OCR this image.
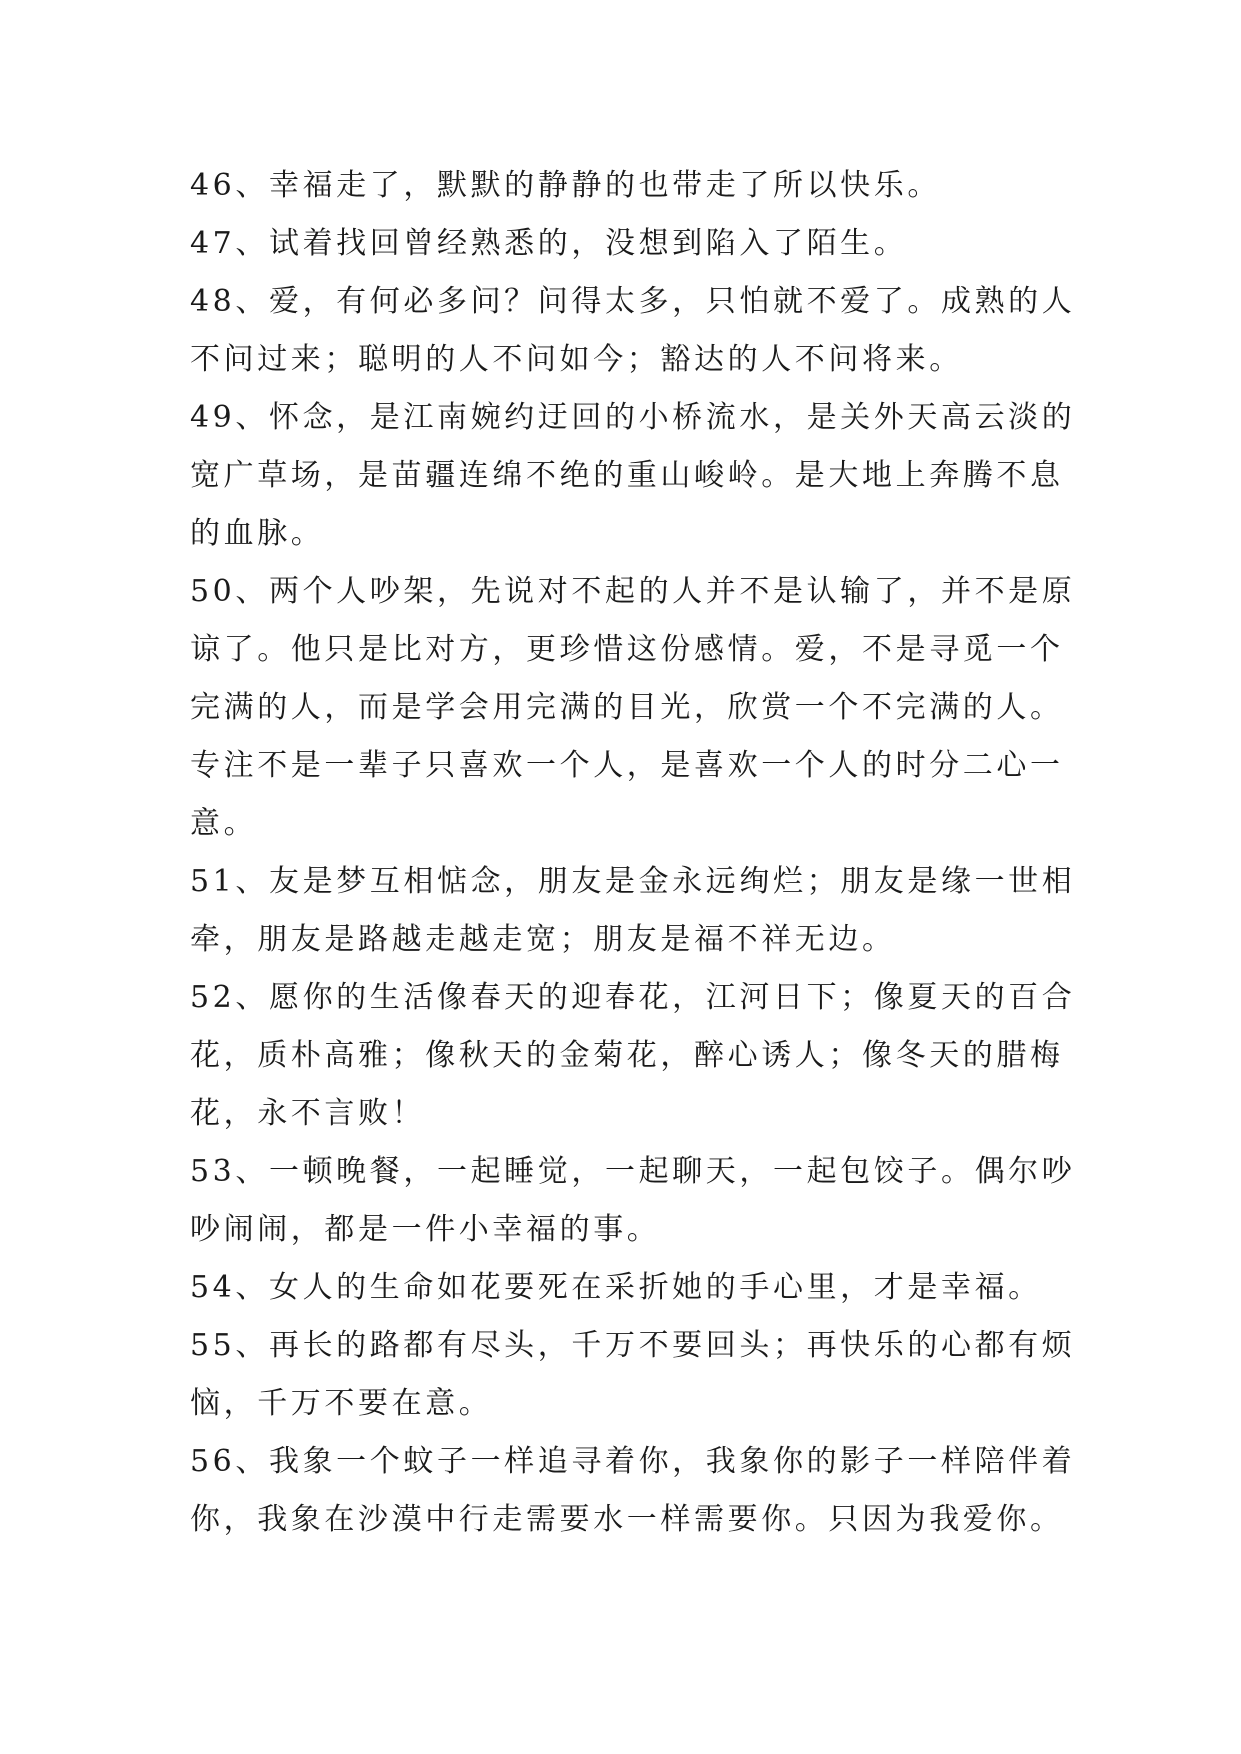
46、幸福走了，默默的静静的也带走了所以快乐。
47、试着找回曾经熟悉的，没想到陷入了陌生。
48、爱，有何必多问？问得太多，只怕就不爱了。成熟的人
不问过来；聪明的人不问如今；豁达的人不问将来。
49、怀念，是江南婉约迂回的小桥流水，是关外天高云淡的
宽广草场，是苗疆连绵不绝的重山峻岭。是大地上奔腾不息
的血脉。
50、两个人吵架，先说对不起的人并不是认输了，并不是原
谅了。他只是比对方，更珍惜这份感情。爱，不是寻觅一个
完满的人，而是学会用完满的目光，欣赏一个不完满的人。
专注不是一辈子只喜欢一个人，是喜欢一个人的时分二心一
意。
51、友是梦互相惦念，朋友是金永远绚烂；朋友是缘一世相
牵，朋友是路越走越走宽；朋友是福不祥无边。
52、愿你的生活像春天的迎春花，江河日下；像夏天的百合
花，质朴高雅；像秋天的金菊花，醉心诱人；像冬天的腊梅
花，永不言败！
53、一顿晚餐，一起睡觉，一起聊天，一起包饺子。偶尔吵
吵闹闹，都是一件小幸福的事。
54、女人的生命如花要死在采折她的手心里，才是幸福。
55、再长的路都有尽头，千万不要回头；再快乐的心都有烦
恼，千万不要在意。
56、我象一个蚊子一样追寻着你，我象你的影子一样陪伴着
你，我象在沙漠中行走需要水一样需要你。只因为我爱你。
